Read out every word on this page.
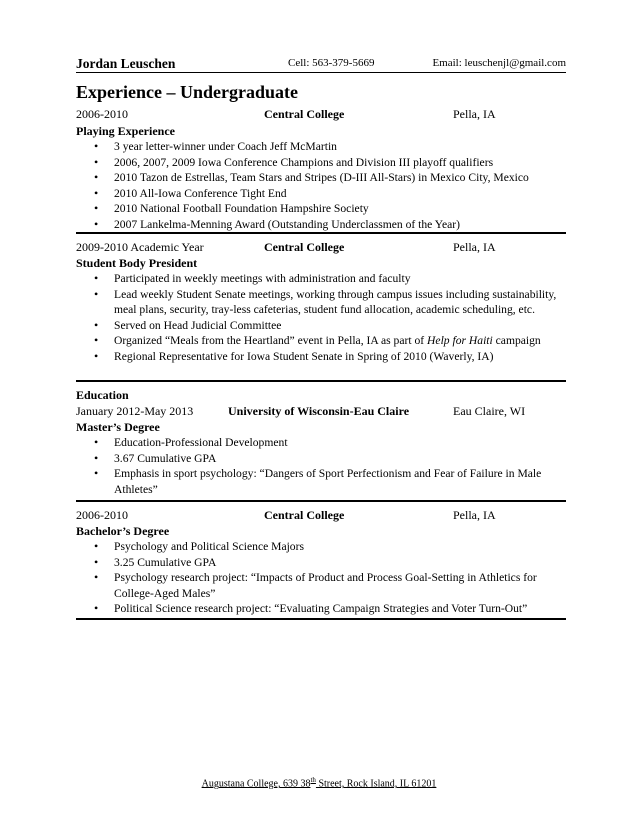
Jordan Leuschen	Cell: 563-379-5669	Email: leuschenjl@gmail.com
Experience – Undergraduate
2006-2010	Central College	Pella, IA
Playing Experience
• 3 year letter-winner under Coach Jeff McMartin
• 2006, 2007, 2009 Iowa Conference Champions and Division III playoff qualifiers
• 2010 Tazon de Estrellas, Team Stars and Stripes (D-III All-Stars) in Mexico City, Mexico
• 2010 All-Iowa Conference Tight End
• 2010 National Football Foundation Hampshire Society
• 2007 Lankelma-Menning Award (Outstanding Underclassmen of the Year)
2009-2010 Academic Year	Central College	Pella, IA
Student Body President
• Participated in weekly meetings with administration and faculty
• Lead weekly Student Senate meetings, working through campus issues including sustainability, meal plans, security, tray-less cafeterias, student fund allocation, academic scheduling, etc.
• Served on Head Judicial Committee
• Organized “Meals from the Heartland” event in Pella, IA as part of Help for Haiti campaign
• Regional Representative for Iowa Student Senate in Spring of 2010 (Waverly, IA)
Education
January 2012-May 2013	University of Wisconsin-Eau Claire	Eau Claire, WI
Master’s Degree
• Education-Professional Development
• 3.67 Cumulative GPA
• Emphasis in sport psychology: “Dangers of Sport Perfectionism and Fear of Failure in Male Athletes”
2006-2010	Central College	Pella, IA
Bachelor’s Degree
• Psychology and Political Science Majors
• 3.25 Cumulative GPA
• Psychology research project: “Impacts of Product and Process Goal-Setting in Athletics for College-Aged Males”
• Political Science research project: “Evaluating Campaign Strategies and Voter Turn-Out”
Augustana College, 639 38th Street, Rock Island, IL 61201
